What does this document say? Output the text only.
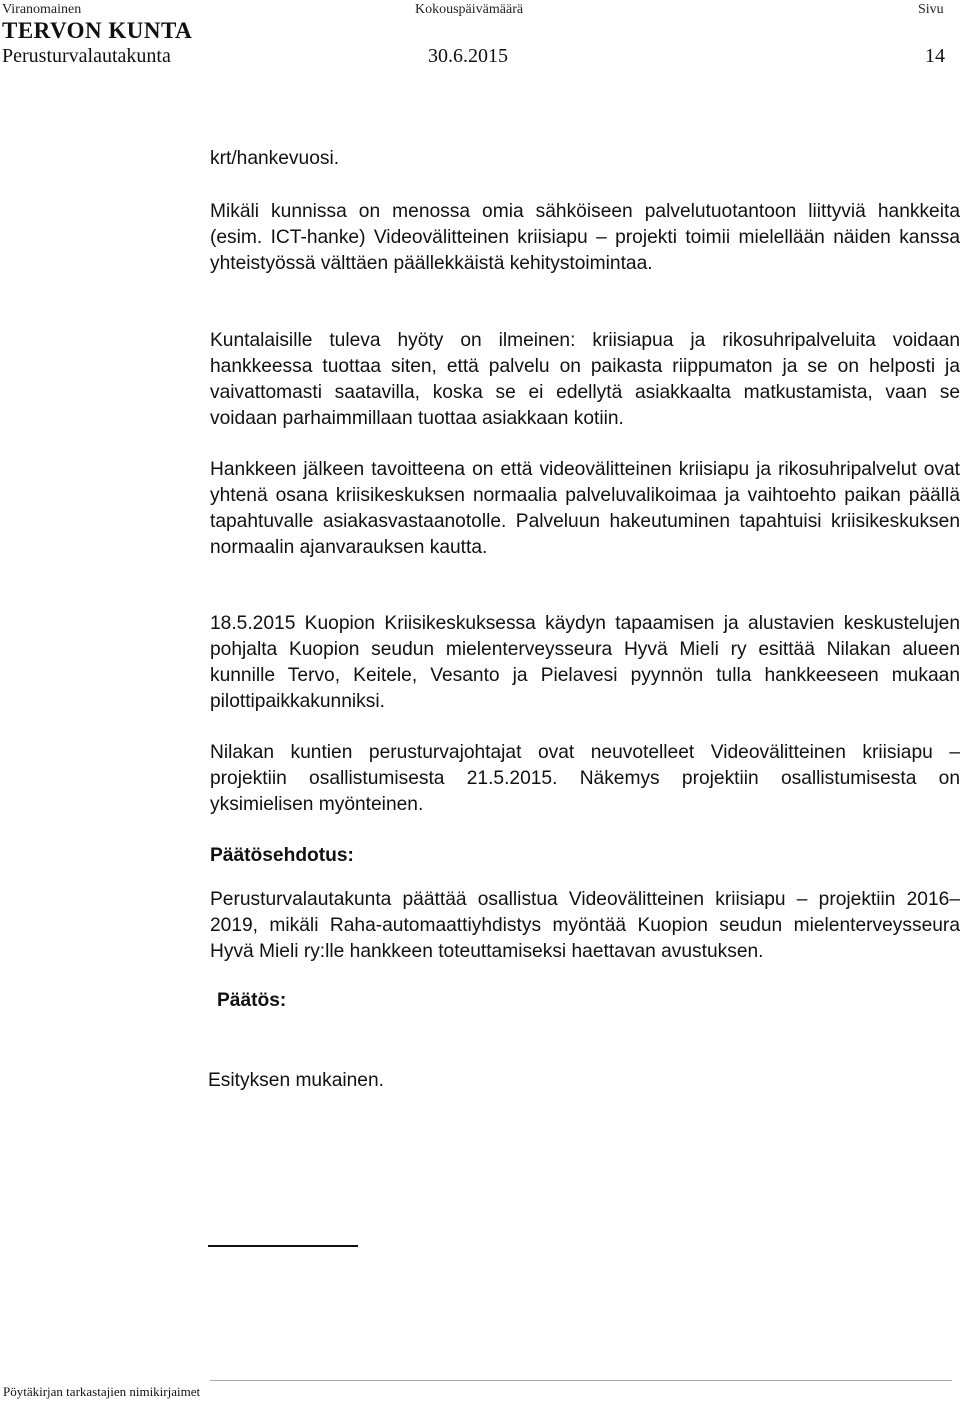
Viranomainen	Kokouspäivämäärä	Sivu
TERVON KUNTA
Perusturvalautakunta	30.6.2015	14

krt/hankevuosi.

Mikäli kunnissa on menossa omia sähköiseen palvelutuotantoon liittyviä hankkeita (esim. ICT-hanke) Videovälitteinen kriisiapu – projekti toimii mielellään näiden kanssa yhteistyössä välttäen päällekkäistä kehitystoimintaa.

Kuntalaisille tuleva hyöty on ilmeinen: kriisiapua ja rikosuhripalveluita voidaan hankkeessa tuottaa siten, että palvelu on paikasta riippumaton ja se on helposti ja vaivattomasti saatavilla, koska se ei edellytä asiakkaalta matkustamista, vaan se voidaan parhaimmillaan tuottaa asiakkaan kotiin.

Hankkeen jälkeen tavoitteena on että videovälitteinen kriisiapu ja rikosuhripalvelut ovat yhtenä osana kriisikeskuksen normaalia palveluvalikoimaa ja vaihtoehto paikan päällä tapahtuvalle asiakasvastaanotolle. Palveluun hakeutuminen tapahtuisi kriisikeskuksen normaalin ajanvarauksen kautta.

18.5.2015 Kuopion Kriisikeskuksessa käydyn tapaamisen ja alustavien keskustelujen pohjalta Kuopion seudun mielenterveysseura Hyvä Mieli ry esittää Nilakan alueen kunnille Tervo, Keitele, Vesanto ja Pielavesi pyynnön tulla hankkeeseen mukaan pilottipaikkakunniksi.

Nilakan kuntien perusturvajohtajat ovat neuvotelleet Videovälitteinen kriisiapu – projektiin osallistumisesta 21.5.2015. Näkemys projektiin osallistumisesta on yksimielisen myönteinen.

Päätösehdotus:

Perusturvalautakunta päättää osallistua Videovälitteinen kriisiapu – projektiin 2016–2019, mikäli Raha-automaattiyhdistys myöntää Kuopion seudun mielenterveysseura Hyvä Mieli ry:lle hankkeen toteuttamiseksi haettavan avustuksen.

Päätös:
Esityksen mukainen.
Pöytäkirjan tarkastajien nimikirjaimet
